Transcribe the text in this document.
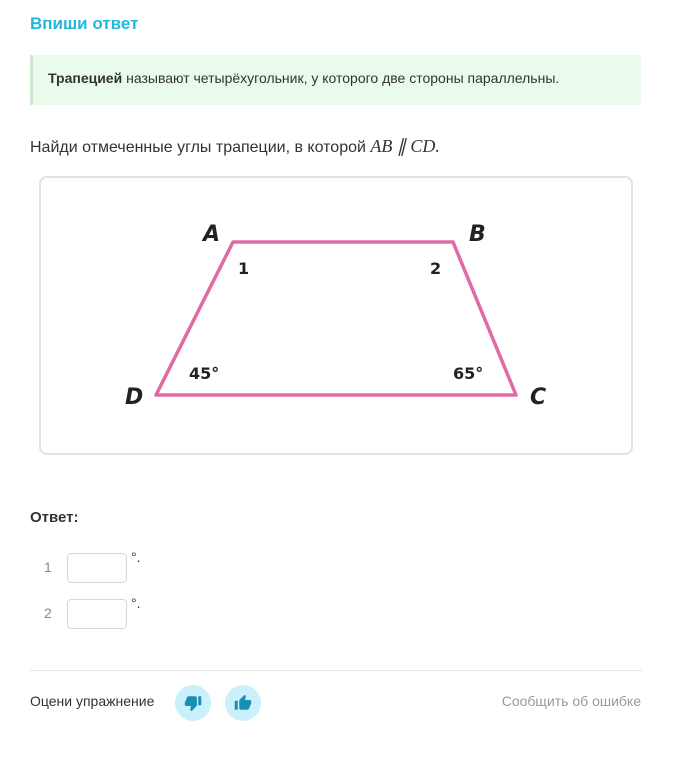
Впиши ответ
Трапецией называют четырёхугольник, у которого две стороны параллельны.
Найди отмеченные углы трапеции, в которой AB ∥ CD.
A	B
C
D
1	2
45°	65°
Ответ:
1
°.
2
°.
Оцени упражнение	Сообщить об ошибке
